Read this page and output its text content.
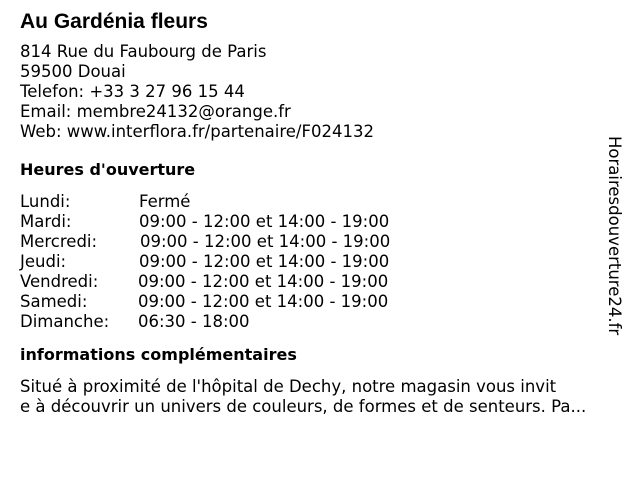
Au Gardénia fleurs
814 Rue du Faubourg de Paris
59500 Douai
Telefon: +33 3 27 96 15 44
Email: membre24132@orange.fr
Web: www.interflora.fr/partenaire/F024132
Heures d'ouverture
Lundi:	Fermé
Mardi:	09:00 - 12:00 et 14:00 - 19:00
Mercredi:	09:00 - 12:00 et 14:00 - 19:00
Jeudi:	09:00 - 12:00 et 14:00 - 19:00
Vendredi: 09:00 - 12:00 et 14:00 - 19:00
Samedi:	09:00 - 12:00 et 14:00 - 19:00
Dimanche: 06:30 - 18:00
informations complémentaires
Situé à proximité de l'hôpital de Dechy, notre magasin vous invit
e à découvrir un univers de couleurs, de formes et de senteurs. Pa...
Horairesdouverture24.fr
